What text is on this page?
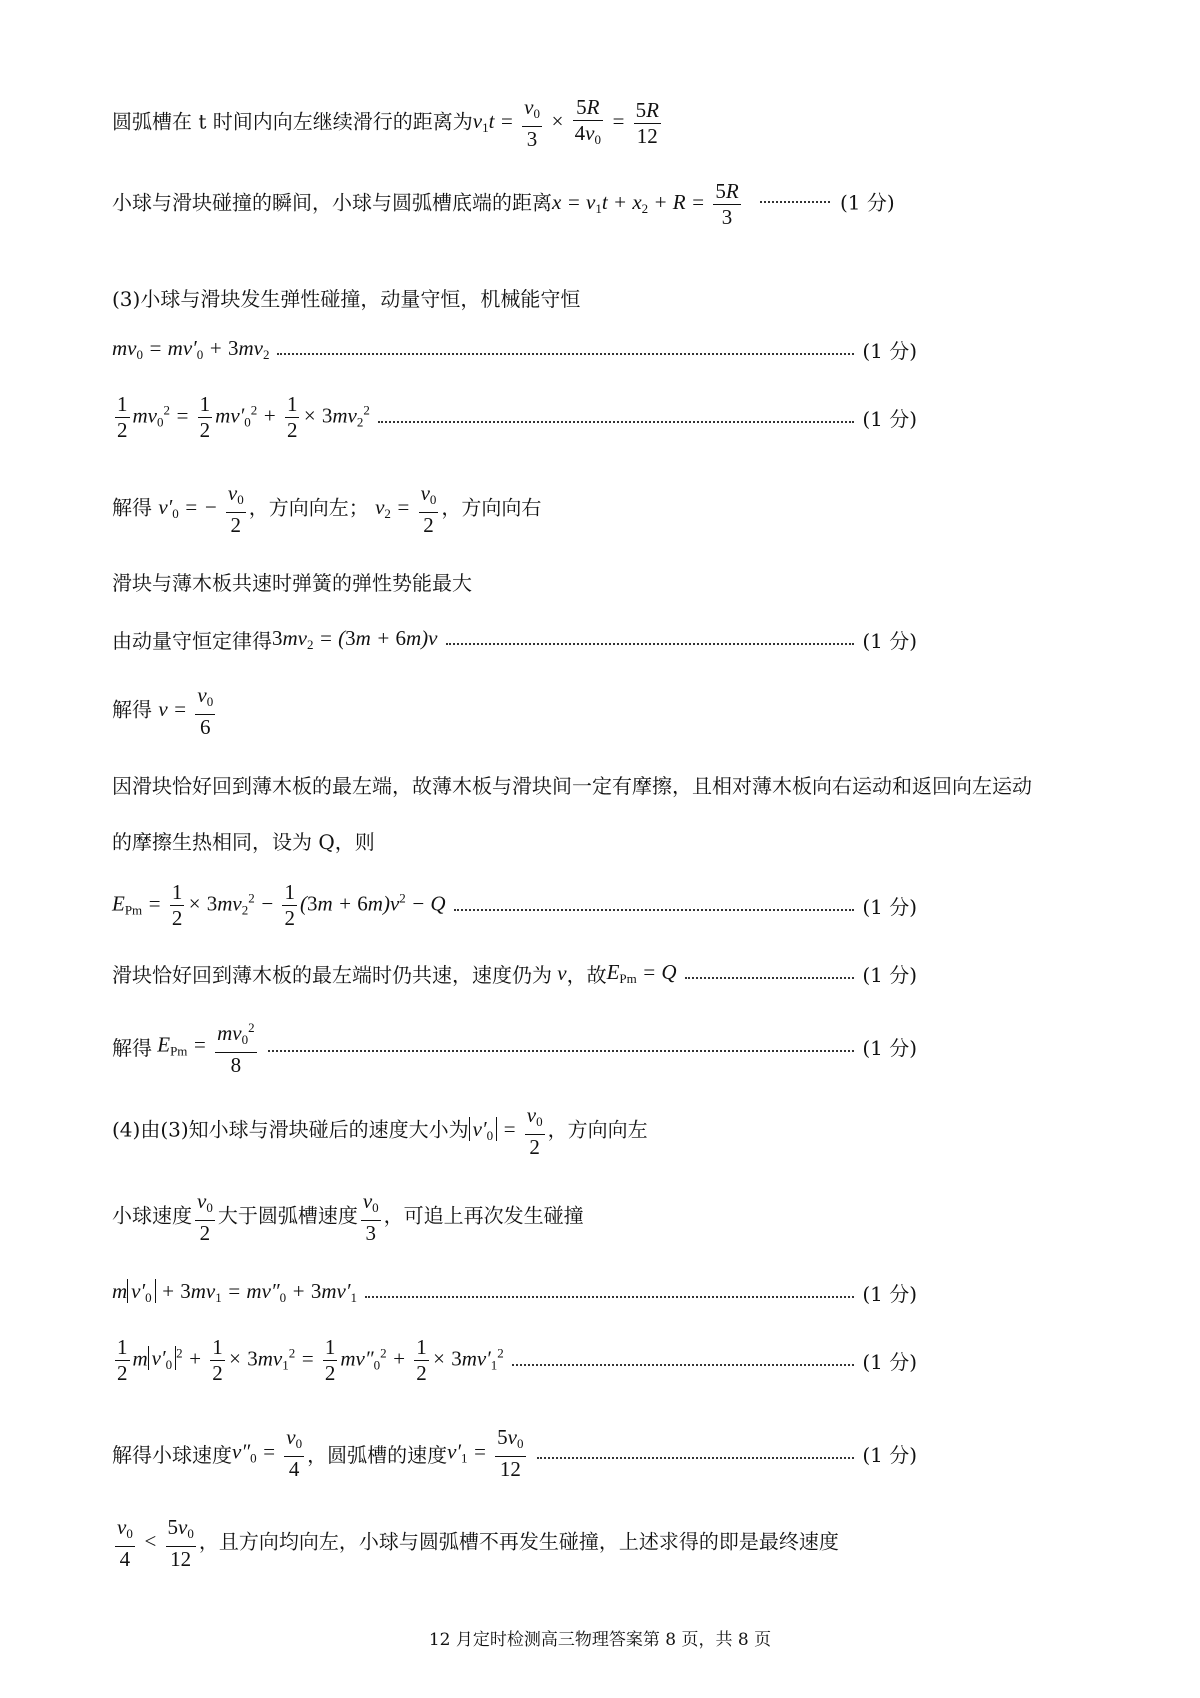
圆弧槽在 t 时间内向左继续滑行的距离为$v_1t = \frac{v_0}{3} \times \frac{5R}{4v_0} = \frac{5R}{12}$
小球与滑块碰撞的瞬间，小球与圆弧槽底端的距离$x = v_1t + x_2 + R = \frac{5R}{3}$	(1 分)
(3)小球与滑块发生弹性碰撞，动量守恒，机械能守恒
$mv_0 = mv'_0 + 3mv_2$	(1 分)
$\frac{1}{2} mv_0^2 = \frac{1}{2} mv'_0^2 + \frac{1}{2} \times 3mv_2^2$	(1 分)
解得 $v'_0$ = − $\frac{v_0}{2}$ ，方向向左； $v_2 = \frac{v_0}{2}$ ，方向向右
滑块与薄木板共速时弹簧的弹性势能最大
由动量守恒定律得 $3mv_2 = (3m + 6m)v$	(1 分)
解得 $v = \frac{v_0}{6}$
因滑块恰好回到薄木板的最左端，故薄木板与滑块间一定有摩擦，且相对薄木板向右运动和返回向左运动
的摩擦生热相同，设为 Q，则
$E_{Pm} = \frac{1}{2} \times 3mv_2^2 - \frac{1}{2} (3m + 6m)v^2 - Q$	(1 分)
滑块恰好回到薄木板的最左端时仍共速，速度仍为 v ，故 $E_{Pm} = Q$	(1 分)
解得 $E_{Pm} = \frac{mv_0^2}{8}$	(1 分)
(4)由(3)知小球与滑块碰后的速度大小为 $v'_0 = \frac{v_0}{2}$ ，方向向左
小球速度 $\frac{v_0}{2}$ 大于圆弧槽速度 $\frac{v_0}{3}$ ，可追上再次发生碰撞
m $v'_0 + 3mv_1 = mv''_0 + 3mv'_1$	(1 分)
$\frac{1}{2}$ m $v'_0^2 + \frac{1}{2} \times 3mv_1^2 = \frac{1}{2} mv''_0^2 + \frac{1}{2} \times 3mv'_1^2$	(1 分)
解得小球速度 $v''_0 = \frac{v_0}{4}$ ，圆弧槽的速度 $v'_1 = \frac{5v_0}{12}$	(1 分)
$\frac{v_0}{4} < \frac{5v_0}{12}$ ，且方向均向左，小球与圆弧槽不再发生碰撞，上述求得的即是最终速度
12 月定时检测高三物理答案第 8 页，共 8 页
